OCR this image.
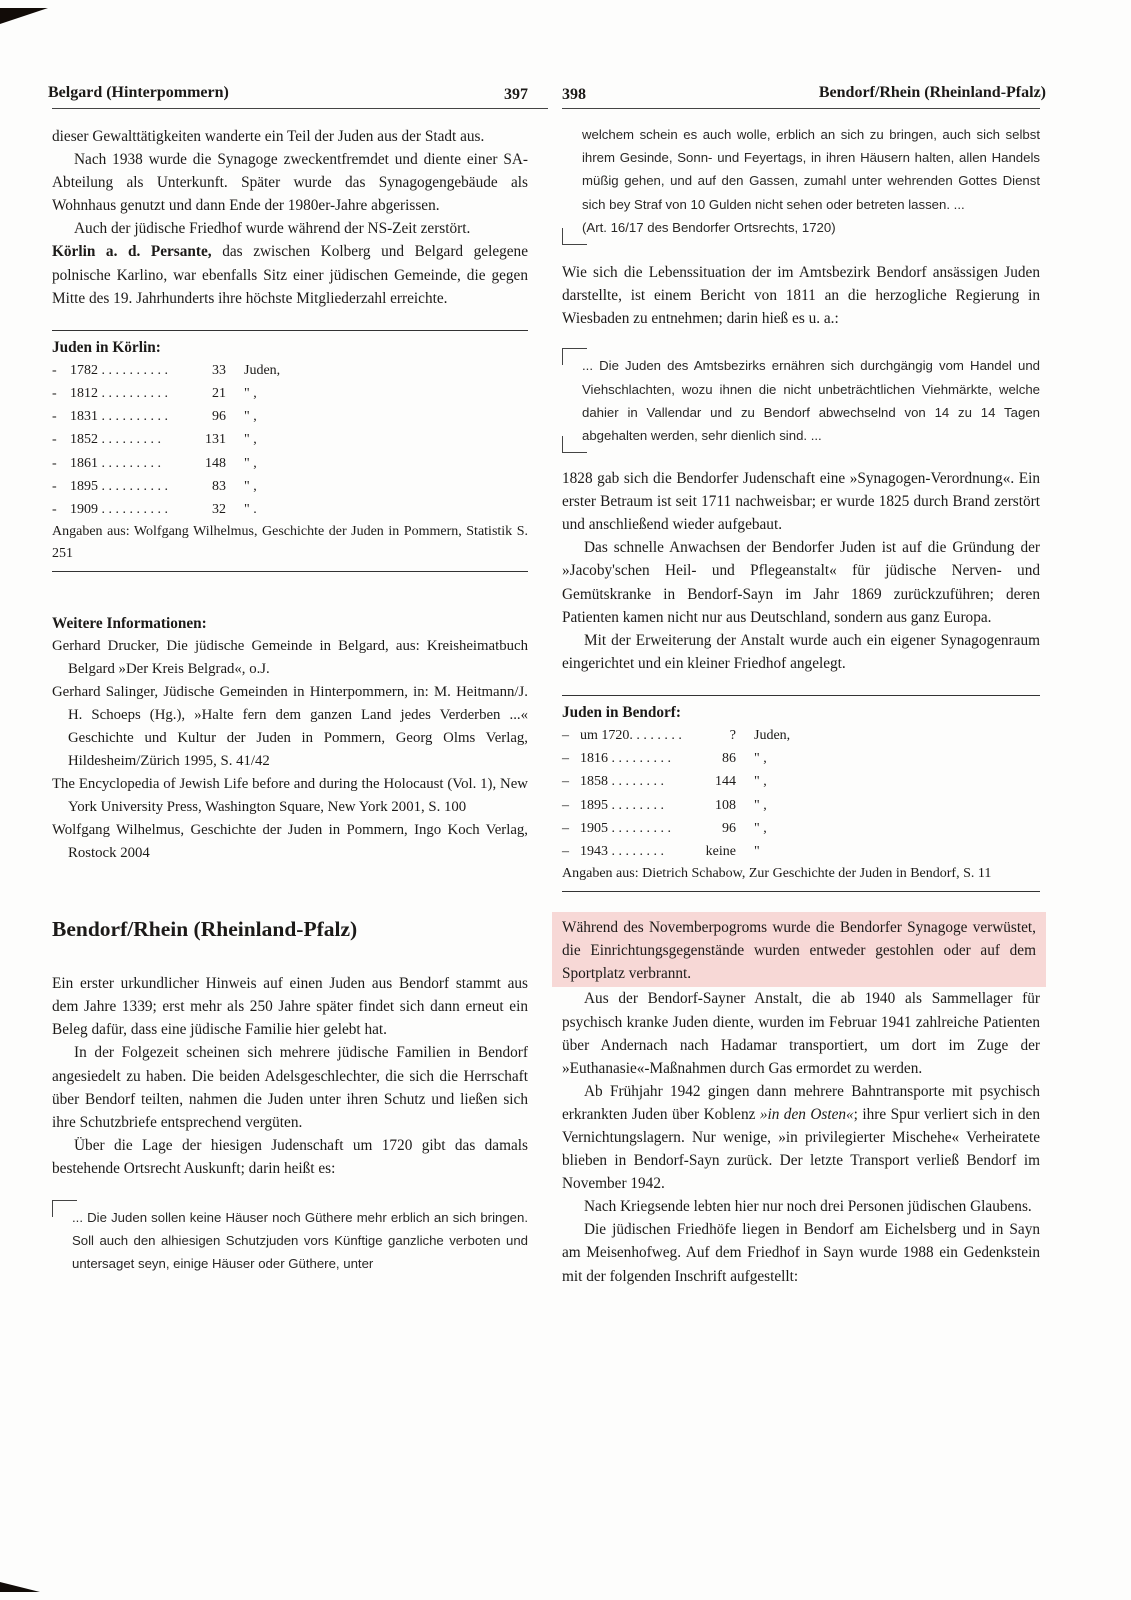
Belgard (Hinterpommern)	397

dieser Gewalttätigkeiten wanderte ein Teil der Juden aus der Stadt aus.

Nach 1938 wurde die Synagoge zweckentfremdet und diente einer SA-Abteilung als Unterkunft. Später wurde das Synagogengebäude als Wohnhaus genutzt und dann Ende der 1980er-Jahre abgerissen.

Auch der jüdische Friedhof wurde während der NS-Zeit zerstört.

Körlin a. d. Persante, das zwischen Kolberg und Belgard gelegene polnische Karlino, war ebenfalls Sitz einer jüdischen Gemeinde, die gegen Mitte des 19. Jahrhunderts ihre höchste Mitgliederzahl erreichte.

Juden in Körlin:
- 1782 . . . . . . . . . .	33	Juden,
- 1812 . . . . . . . . . .	21	" ,
- 1831 . . . . . . . . . .	96	" ,
- 1852 . . . . . . . . .	131	" ,
- 1861 . . . . . . . . .	148	" ,
- 1895 . . . . . . . . . .	83	" ,
- 1909 . . . . . . . . . .	32	" .
Angaben aus: Wolfgang Wilhelmus, Geschichte der Juden in Pommern, Statistik S. 251
Weitere Informationen:
Gerhard Drucker, Die jüdische Gemeinde in Belgard, aus: Kreisheimatbuch Belgard »Der Kreis Belgrad«, o.J.
Gerhard Salinger, Jüdische Gemeinden in Hinterpommern, in: M. Heitmann/J. H. Schoeps (Hg.), »Halte fern dem ganzen Land jedes Verderben ...« Geschichte und Kultur der Juden in Pommern, Georg Olms Verlag, Hildesheim/Zürich 1995, S. 41/42
The Encyclopedia of Jewish Life before and during the Holocaust (Vol. 1), New York University Press, Washington Square, New York 2001, S. 100
Wolfgang Wilhelmus, Geschichte der Juden in Pommern, Ingo Koch Verlag, Rostock 2004
Bendorf/Rhein (Rheinland-Pfalz)

Ein erster urkundlicher Hinweis auf einen Juden aus Bendorf stammt aus dem Jahre 1339; erst mehr als 250 Jahre später findet sich dann erneut ein Beleg dafür, dass eine jüdische Familie hier gelebt hat.

In der Folgezeit scheinen sich mehrere jüdische Familien in Bendorf angesiedelt zu haben. Die beiden Adelsgeschlechter, die sich die Herrschaft über Bendorf teilten, nahmen die Juden unter ihren Schutz und ließen sich ihre Schutzbriefe entsprechend vergüten.

Über die Lage der hiesigen Judenschaft um 1720 gibt das damals bestehende Ortsrecht Auskunft; darin heißt es:

... Die Juden sollen keine Häuser noch Güthere mehr erblich an sich bringen. Soll auch den alhiesigen Schutzjuden vors Künftige ganzliche verboten und untersaget seyn, einige Häuser oder Güthere, unter

398	Bendorf/Rhein (Rheinland-Pfalz)

welchem schein es auch wolle, erblich an sich zu bringen, auch sich selbst ihrem Gesinde, Sonn- und Feyertags, in ihren Häusern halten, allen Handels müßig gehen, und auf den Gassen, zumahl unter wehrenden Gottes Dienst sich bey Straf von 10 Gulden nicht sehen oder betreten lassen. ...

(Art. 16/17 des Bendorfer Ortsrechts, 1720)

Wie sich die Lebenssituation der im Amtsbezirk Bendorf ansässigen Juden darstellte, ist einem Bericht von 1811 an die herzogliche Regierung in Wiesbaden zu entnehmen; darin hieß es u. a.:

... Die Juden des Amtsbezirks ernähren sich durchgängig vom Handel und Viehschlachten, wozu ihnen die nicht unbeträchtlichen Viehmärkte, welche dahier in Vallendar und zu Bendorf abwechselnd von 14 zu 14 Tagen abgehalten werden, sehr dienlich sind. ...

1828 gab sich die Bendorfer Judenschaft eine »Synagogen-Verordnung«. Ein erster Betraum ist seit 1711 nachweisbar; er wurde 1825 durch Brand zerstört und anschließend wieder aufgebaut.

Das schnelle Anwachsen der Bendorfer Juden ist auf die Gründung der »Jacoby'schen Heil- und Pflegeanstalt« für jüdische Nerven- und Gemütskranke in Bendorf-Sayn im Jahr 1869 zurückzuführen; deren Patienten kamen nicht nur aus Deutschland, sondern aus ganz Europa.

Mit der Erweiterung der Anstalt wurde auch ein eigener Synagogenraum eingerichtet und ein kleiner Friedhof angelegt.

Juden in Bendorf:
– um 1720. . . . . . . .	?	Juden,
– 1816 . . . . . . . . .	86	" ,
– 1858 . . . . . . . .	144	" ,
– 1895 . . . . . . . .	108	" ,
– 1905 . . . . . . . . .	96	" ,
– 1943 . . . . . . . .	keine	"
Angaben aus: Dietrich Schabow, Zur Geschichte der Juden in Bendorf, S. 11

Während des Novemberpogroms wurde die Bendorfer Synagoge verwüstet, die Einrichtungsgegenstände wurden entweder gestohlen oder auf dem Sportplatz verbrannt.

Aus der Bendorf-Sayner Anstalt, die ab 1940 als Sammellager für psychisch kranke Juden diente, wurden im Februar 1941 zahlreiche Patienten über Andernach nach Hadamar transportiert, um dort im Zuge der »Euthanasie«-Maßnahmen durch Gas ermordet zu werden.

Ab Frühjahr 1942 gingen dann mehrere Bahntransporte mit psychisch erkrankten Juden über Koblenz »in den Osten«; ihre Spur verliert sich in den Vernichtungslagern. Nur wenige, »in privilegierter Mischehe« Verheiratete blieben in Bendorf-Sayn zurück. Der letzte Transport verließ Bendorf im November 1942.

Nach Kriegsende lebten hier nur noch drei Personen jüdischen Glaubens.

Die jüdischen Friedhöfe liegen in Bendorf am Eichelsberg und in Sayn am Meisenhofweg. Auf dem Friedhof in Sayn wurde 1988 ein Gedenkstein mit der folgenden Inschrift aufgestellt:
